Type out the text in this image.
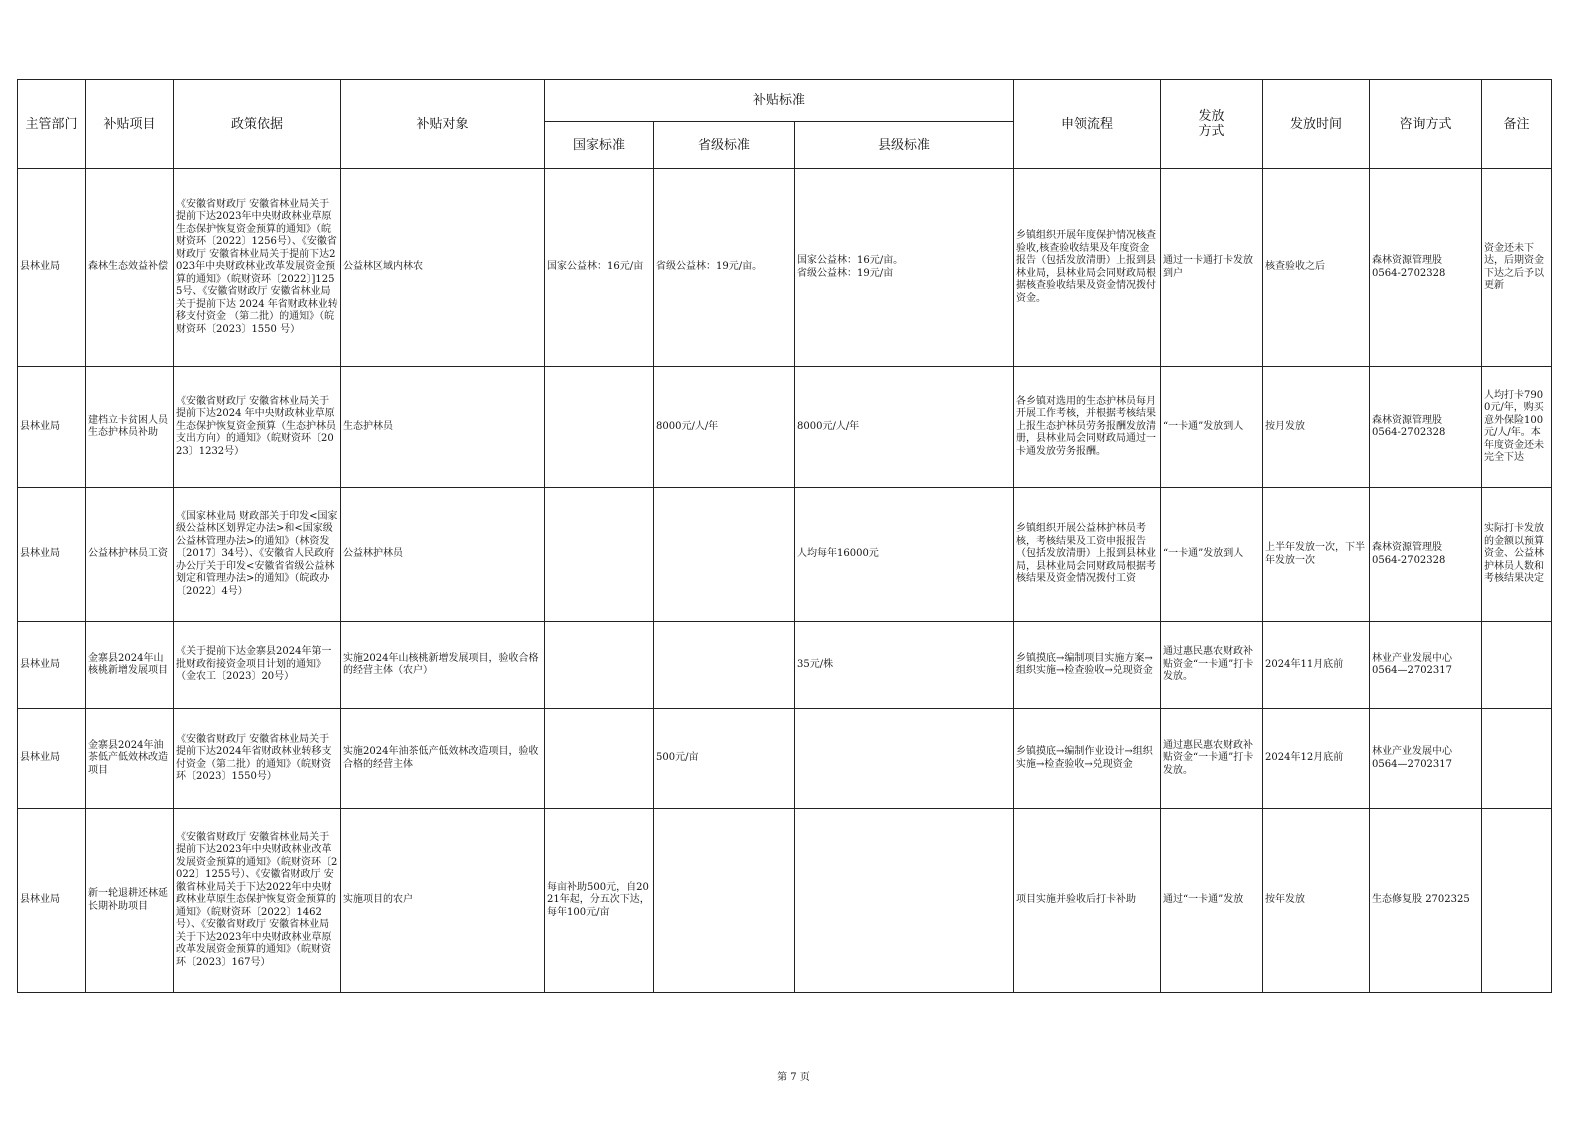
主管部门	补贴项目	政策依据	补贴对象	补贴标准			申领流程	发放
方式	发放时间	咨询方式	备注
				国家标准	省级标准	县级标准					
县林业局	森林生态效益补偿	《安徽省财政厅 安徽省林业局关于提前下达2023年中央财政林业草原生态保护恢复资金预算的通知》（皖财资环〔2022〕1256号）、《安徽省财政厅 安徽省林业局关于提前下达2023年中央财政林业改革发展资金预算的通知》（皖财资环〔2022〕]1255号、《安徽省财政厅 安徽省林业局关于提前下达 2024 年省财政林业转移支付资金 （第二批）的通知》（皖财资环〔2023〕1550 号）	公益林区域内林农	国家公益林：16元/亩	省级公益林：19元/亩。	国家公益林：16元/亩。
省级公益林：19元/亩	乡镇组织开展年度保护情况核查验收,核查验收结果及年度资金报告（包括发放清册）上报到县林业局，县林业局会同财政局根据核查验收结果及资金情况拨付资金。	通过一卡通打卡发放到户	核查验收之后	森林资源管理股
0564-2702328	资金还未下达，后期资金下达之后予以更新
县林业局	建档立卡贫困人员生态护林员补助	《安徽省财政厅 安徽省林业局关于提前下达2024 年中央财政林业草原生态保护恢复资金预算（生态护林员支出方向）的通知》（皖财资环〔2023〕1232号）	生态护林员		8000元/人/年	8000元/人/年	各乡镇对选用的生态护林员每月开展工作考核，并根据考核结果上报生态护林员劳务报酬发放清册，县林业局会同财政局通过一卡通发放劳务报酬。	“一卡通”发放到人	按月发放	森林资源管理股
0564-2702328	人均打卡7900元/年，购买意外保险100元/人/年。本年度资金还未完全下达
县林业局	公益林护林员工资	《国家林业局 财政部关于印发<国家级公益林区划界定办法>和<国家级公益林管理办法>的通知》（林资发〔2017〕34号）、《安徽省人民政府办公厅关于印发<安徽省省级公益林划定和管理办法>的通知》（皖政办〔2022〕4号）	公益林护林员			人均每年16000元	乡镇组织开展公益林护林员考核，考核结果及工资申报报告（包括发放清册）上报到县林业局，县林业局会同财政局根据考核结果及资金情况拨付工资	“一卡通”发放到人	上半年发放一次，下半年发放一次	森林资源管理股
0564-2702328	实际打卡发放的金额以预算资金、公益林护林员人数和考核结果决定
县林业局	金寨县2024年山核桃新增发展项目	《关于提前下达金寨县2024年第一批财政衔接资金项目计划的通知》（金农工〔2023〕20号）	实施2024年山核桃新增发展项目，验收合格的经营主体（农户）			35元/株	乡镇摸底→编制项目实施方案→组织实施→检查验收→兑现资金	通过惠民惠农财政补贴资金“一卡通”打卡发放。	2024年11月底前	林业产业发展中心
0564—2702317	
县林业局	金寨县2024年油茶低产低效林改造项目	《安徽省财政厅 安徽省林业局关于提前下达2024年省财政林业转移支付资金（第二批）的通知》（皖财资环〔2023〕1550号）	实施2024年油茶低产低效林改造项目，验收合格的经营主体		500元/亩		乡镇摸底→编制作业设计→组织实施→检查验收→兑现资金	通过惠民惠农财政补贴资金“一卡通”打卡发放。	2024年12月底前	林业产业发展中心
0564—2702317	
县林业局	新一轮退耕还林延长期补助项目	《安徽省财政厅 安徽省林业局关于提前下达2023年中央财政林业改革发展资金预算的通知》（皖财资环〔2022〕1255号）、《安徽省财政厅 安徽省林业局关于下达2022年中央财政林业草原生态保护恢复资金预算的通知》（皖财资环〔2022〕1462号）、《安徽省财政厅 安徽省林业局关于下达2023年中央财政林业草原改革发展资金预算的通知》（皖财资环〔2023〕167号）	实施项目的农户	每亩补助500元，自2021年起，分五次下达，每年100元/亩			项目实施并验收后打卡补助	通过“一卡通”发放	按年发放	生态修复股 2702325	
第 7 页
